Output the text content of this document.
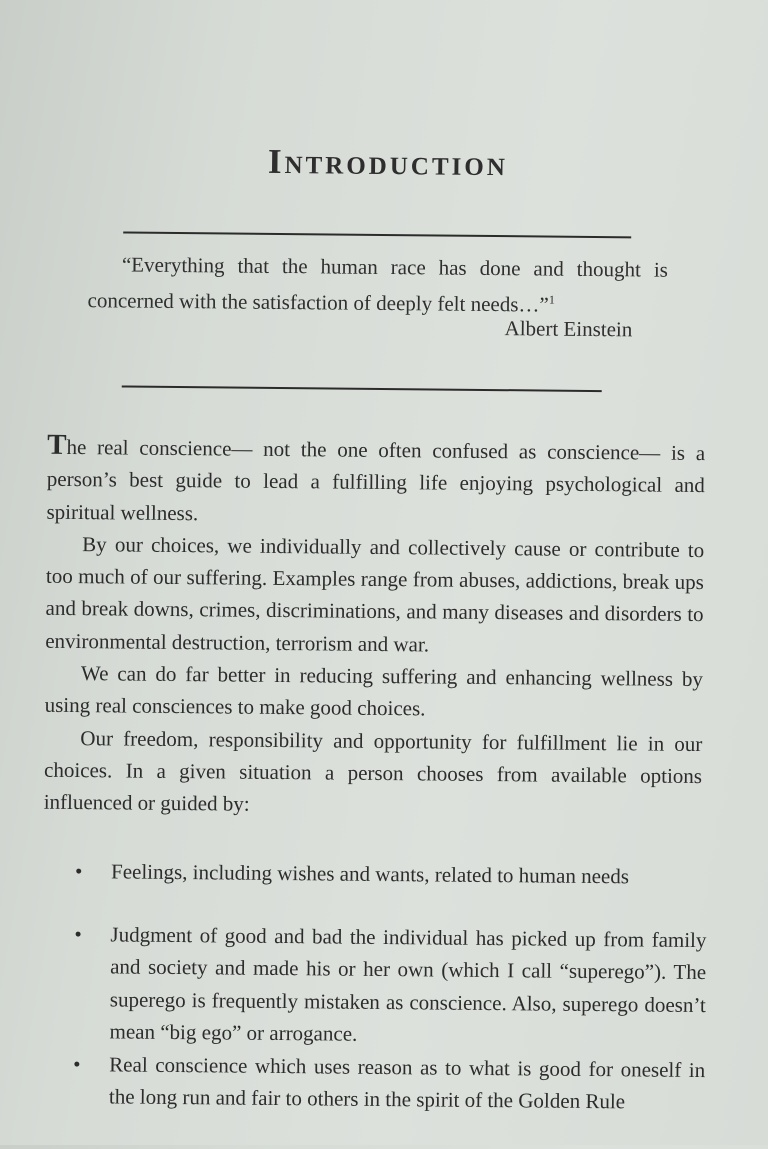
Introduction
“Everything that the human race has done and thought is concerned with the satisfaction of deeply felt needs…”$^1$
Albert Einstein

The real conscience— not the one often confused as conscience— is a person’s best guide to lead a fulfilling life enjoying psychological and spiritual wellness.

By our choices, we individually and collectively cause or contribute to too much of our suffering. Examples range from abuses, addictions, break ups and break downs, crimes, discriminations, and many diseases and disorders to environmental destruction, terrorism and war.

We can do far better in reducing suffering and enhancing wellness by using real consciences to make good choices.

Our freedom, responsibility and opportunity for fulfillment lie in our choices. In a given situation a person chooses from available options influenced or guided by:

• Feelings, including wishes and wants, related to human needs
• Judgment of good and bad the individual has picked up from family and society and made his or her own (which I call “superego”). The superego is frequently mistaken as conscience. Also, superego doesn’t mean “big ego” or arrogance.
• Real conscience which uses reason as to what is good for oneself in the long run and fair to others in the spirit of the Golden Rule
